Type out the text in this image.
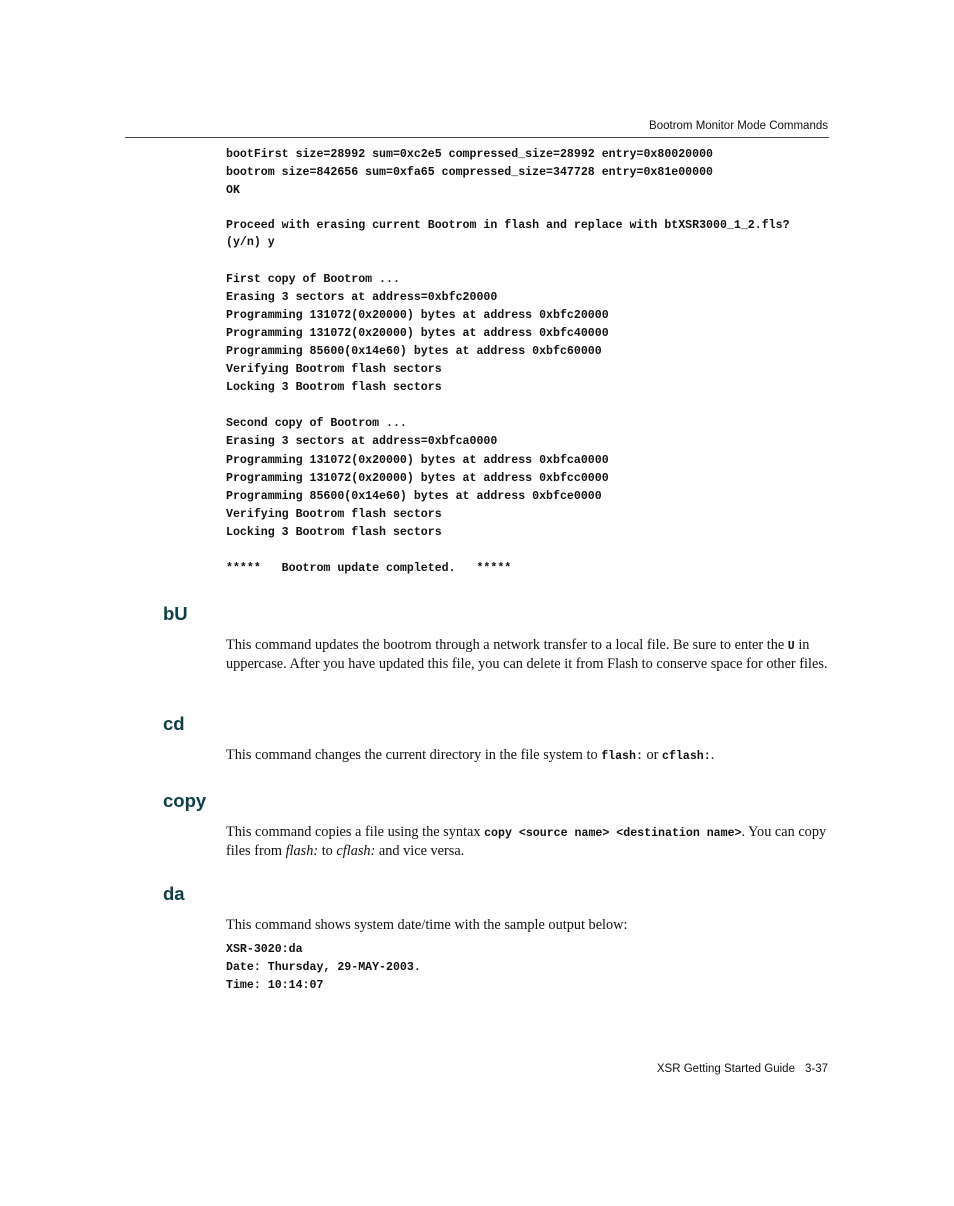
Bootrom Monitor Mode Commands
bootFirst size=28992 sum=0xc2e5 compressed_size=28992 entry=0x80020000
bootrom size=842656 sum=0xfa65 compressed_size=347728 entry=0x81e00000
OK
Proceed with erasing current Bootrom in flash and replace with btXSR3000_1_2.fls?
(y/n) y
First copy of Bootrom ...
Erasing 3 sectors at address=0xbfc20000
Programming 131072(0x20000) bytes at address 0xbfc20000
Programming 131072(0x20000) bytes at address 0xbfc40000
Programming 85600(0x14e60) bytes at address 0xbfc60000
Verifying Bootrom flash sectors
Locking 3 Bootrom flash sectors
Second copy of Bootrom ...
Erasing 3 sectors at address=0xbfca0000
Programming 131072(0x20000) bytes at address 0xbfca0000
Programming 131072(0x20000) bytes at address 0xbfcc0000
Programming 85600(0x14e60) bytes at address 0xbfce0000
Verifying Bootrom flash sectors
Locking 3 Bootrom flash sectors
*****   Bootrom update completed.   *****
bU

This command updates the bootrom through a network transfer to a local file. Be sure to enter the U in uppercase. After you have updated this file, you can delete it from Flash to conserve space for other files.

cd

This command changes the current directory in the file system to flash: or cflash:.

copy

This command copies a file using the syntax copy <source name> <destination name>. You can copy files from flash: to cflash: and vice versa.

da

This command shows system date/time with the sample output below:

XSR-3020:da
Date: Thursday, 29-MAY-2003.
Time: 10:14:07
XSR Getting Started Guide 3-37
